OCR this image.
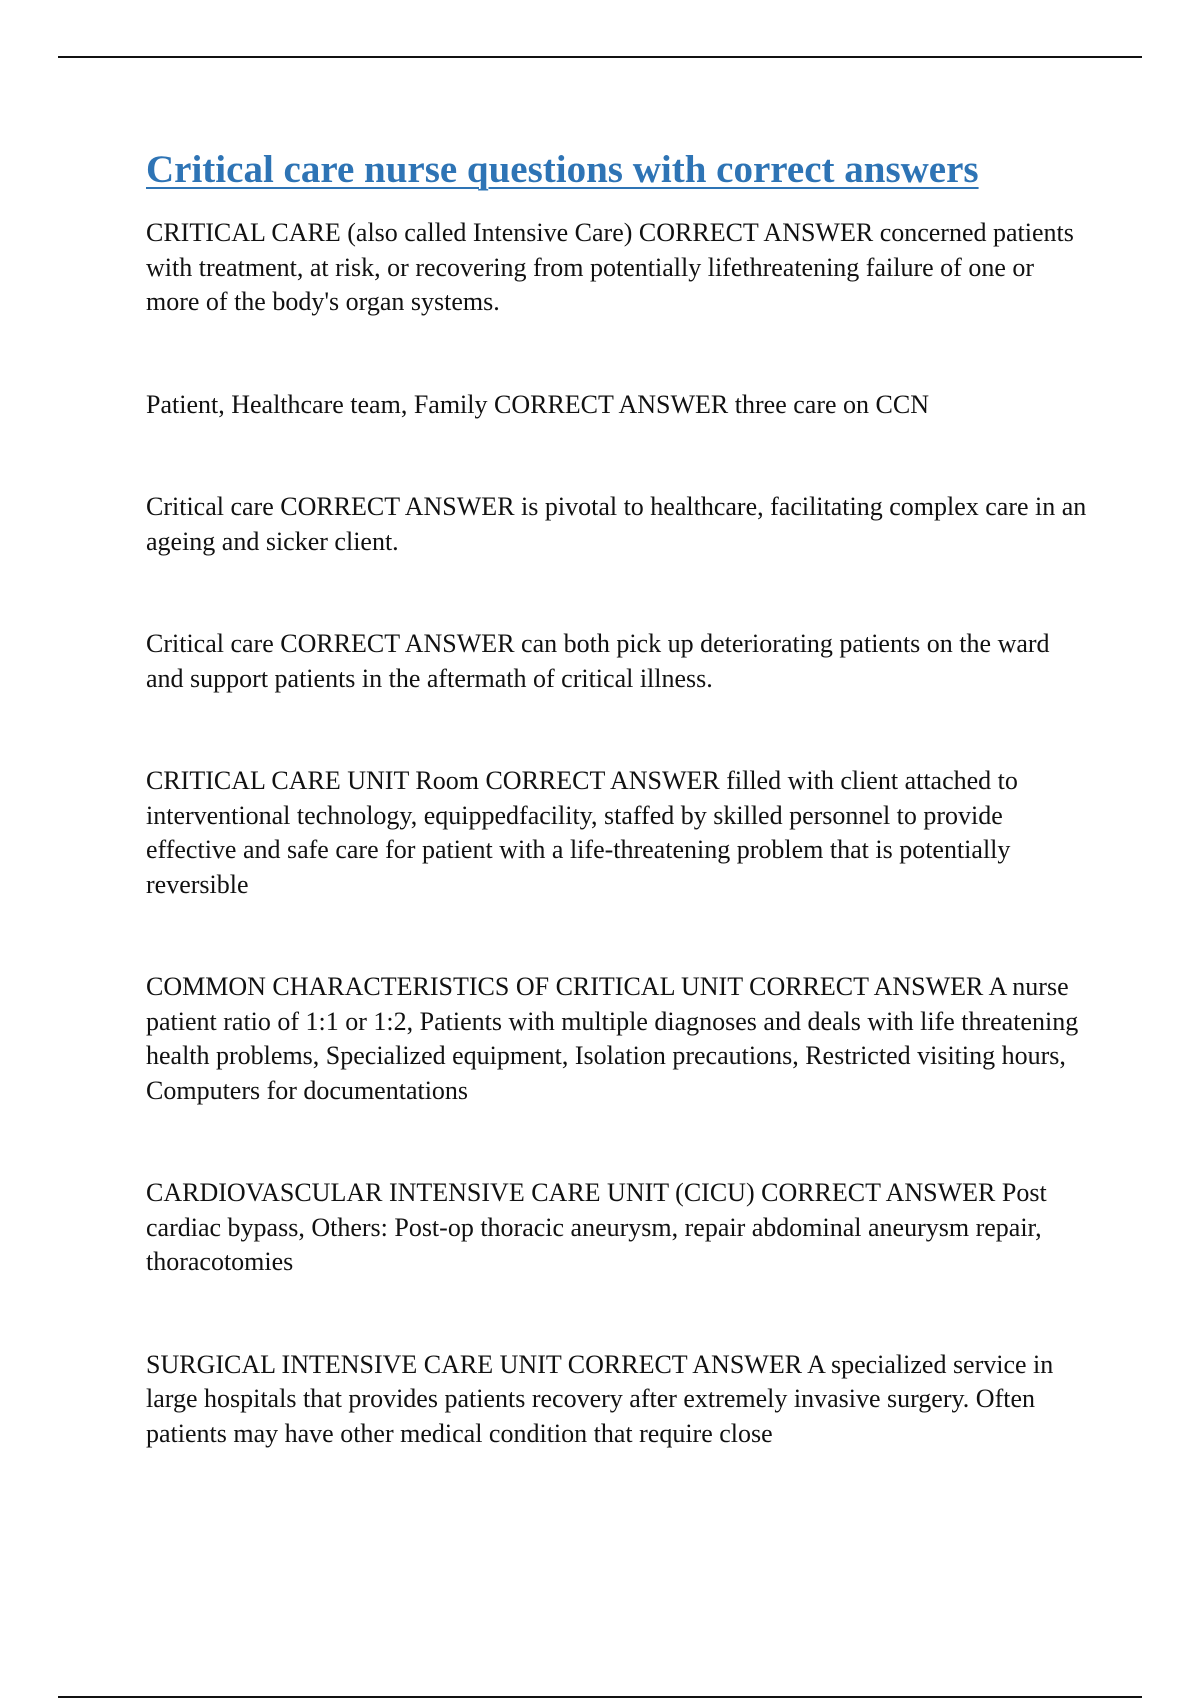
Critical care nurse questions with correct answers

CRITICAL CARE (also called Intensive Care) CORRECT ANSWER concerned patients with treatment, at risk, or recovering from potentially lifethreatening failure of one or more of the body's organ systems.

Patient, Healthcare team, Family CORRECT ANSWER three care on CCN

Critical care CORRECT ANSWER is pivotal to healthcare, facilitating complex care in an ageing and sicker client.

Critical care CORRECT ANSWER can both pick up deteriorating patients on the ward and support patients in the aftermath of critical illness.

CRITICAL CARE UNIT Room CORRECT ANSWER filled with client attached to interventional technology, equippedfacility, staffed by skilled personnel to provide effective and safe care for patient with a life-threatening problem that is potentially reversible

COMMON CHARACTERISTICS OF CRITICAL UNIT CORRECT ANSWER A nurse patient ratio of 1:1 or 1:2, Patients with multiple diagnoses and deals with life threatening health problems, Specialized equipment, Isolation precautions, Restricted visiting hours, Computers for documentations

CARDIOVASCULAR INTENSIVE CARE UNIT (CICU) CORRECT ANSWER Post cardiac bypass, Others: Post-op thoracic aneurysm, repair abdominal aneurysm repair, thoracotomies

SURGICAL INTENSIVE CARE UNIT CORRECT ANSWER A specialized service in large hospitals that provides patients recovery after extremely invasive surgery. Often patients may have other medical condition that require close
